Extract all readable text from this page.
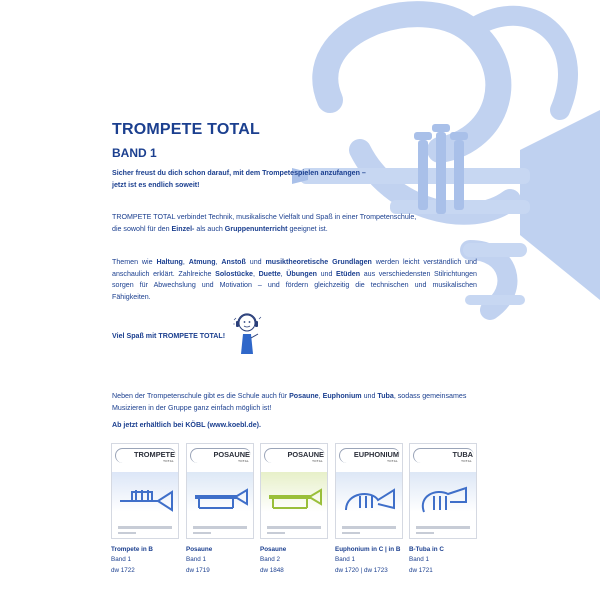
TROMPETE TOTAL
BAND 1

Sicher freust du dich schon darauf, mit dem Trompetespielen anzufangen –
jetzt ist es endlich soweit!

TROMPETE TOTAL verbindet Technik, musikalische Vielfalt und Spaß in einer Trompetenschule,
die sowohl für den Einzel- als auch Gruppenunterricht geeignet ist.

Themen wie Haltung, Atmung, Anstoß und musiktheoretische Grundlagen werden leicht verständlich und
anschaulich erklärt. Zahlreiche Solostücke, Duette, Übungen und Etüden aus verschiedensten Stilrichtungen
sorgen für Abwechslung und Motivation – und fördern gleichzeitig die technischen und musikalischen
Fähigkeiten.

Viel Spaß mit TROMPETE TOTAL!

Neben der Trompetenschule gibt es die Schule auch für Posaune, Euphonium und Tuba, sodass gemeinsames
Musizieren in der Gruppe ganz einfach möglich ist!

Ab jetzt erhältlich bei KÖBL (www.koebl.de).

TROMPETE
TOTAL
Trompete in B
Band 1
dw 1722
POSAUNE
TOTAL
Posaune
Band 1
dw 1719
POSAUNE
TOTAL
Posaune
Band 2
dw 1848
EUPHONIUM
TOTAL
Euphonium in C | in B
Band 1
dw 1720 | dw 1723
TUBA
TOTAL
B-Tuba in C
Band 1
dw 1721
